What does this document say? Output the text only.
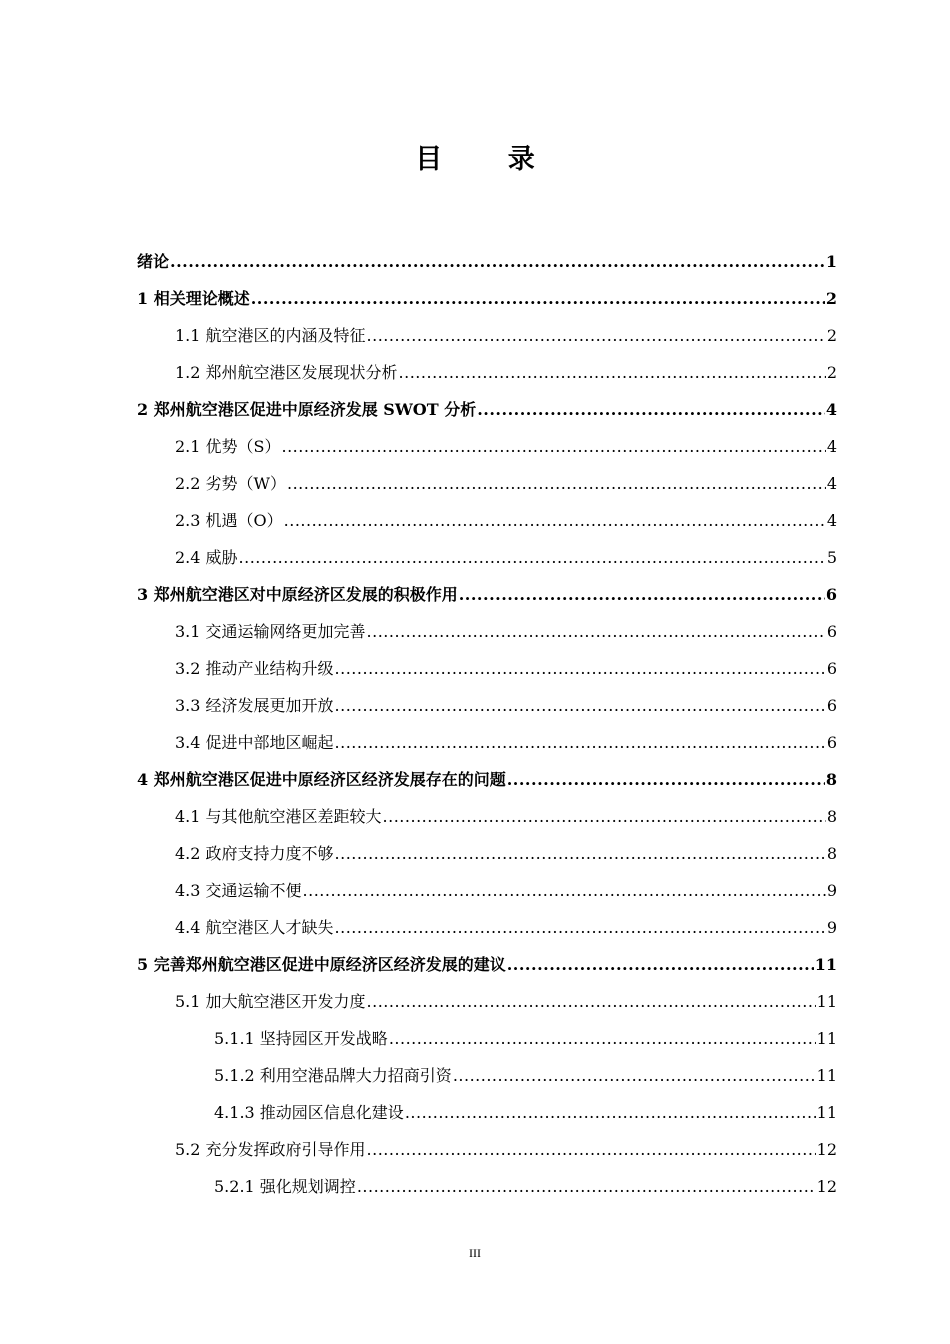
目 录
绪论 .....	1
1 相关理论概述 .....	2
1.1 航空港区的内涵及特征 .....	2
1.2 郑州航空港区发展现状分析 .....	2
2 郑州航空港区促进中原经济发展 SWOT 分析 .....	4
2.1 优势（S） .....	4
2.2 劣势（W） .....	4
2.3 机遇（O） .....	4
2.4 威胁 .....	5
3 郑州航空港区对中原经济区发展的积极作用 .....	6
3.1 交通运输网络更加完善 .....	6
3.2 推动产业结构升级 .....	6
3.3 经济发展更加开放 .....	6
3.4 促进中部地区崛起 .....	6
4 郑州航空港区促进中原经济区经济发展存在的问题 .....	8
4.1 与其他航空港区差距较大 .....	8
4.2 政府支持力度不够 .....	8
4.3 交通运输不便 .....	9
4.4 航空港区人才缺失 .....	9
5 完善郑州航空港区促进中原经济区经济发展的建议 .....	11
5.1 加大航空港区开发力度 .....	11
5.1.1 坚持园区开发战略 .....	11
5.1.2 利用空港品牌大力招商引资 .....	11
4.1.3 推动园区信息化建设 .....	11
5.2 充分发挥政府引导作用 .....	12
5.2.1 强化规划调控 .....	12
III
